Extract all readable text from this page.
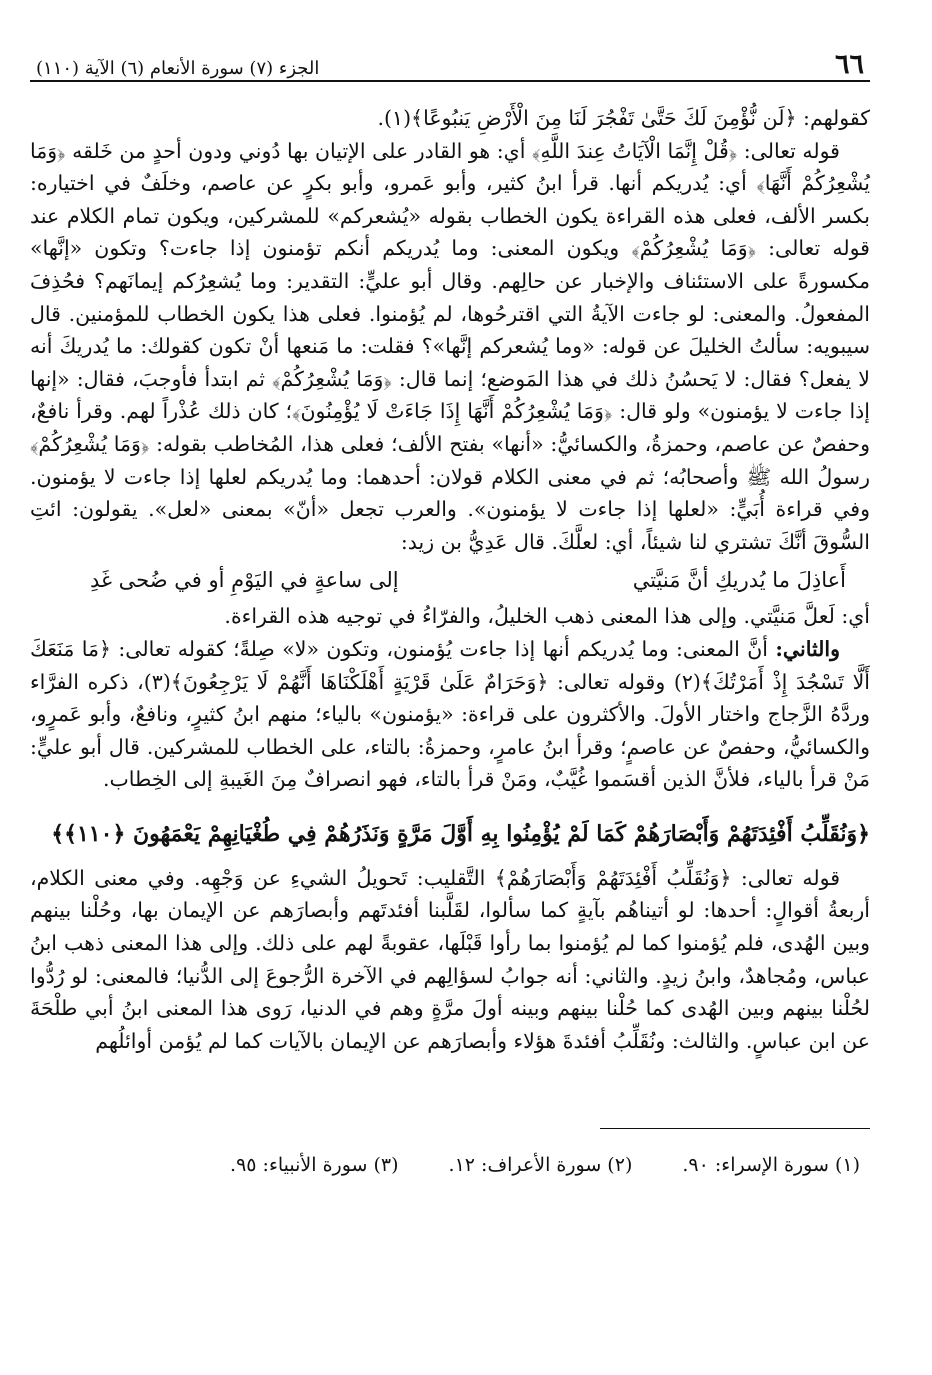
٦٦
الجزء (٧) سورة الأنعام (٦) الآية (١١٠)

كقولهم: ﴿لَن نُّؤْمِنَ لَكَ حَتَّىٰ تَفْجُرَ لَنَا مِنَ الْأَرْضِ يَنبُوعًا﴾(١).

قوله تعالى: ﴿قُلْ إِنَّمَا الْآيَاتُ عِندَ اللَّهِ﴾ أي: هو القادر على الإتيان بها دُوني ودون أحدٍ من خَلقه ﴿وَمَا يُشْعِرُكُمْ أَنَّهَا﴾ أي: يُدريكم أنها. قرأ ابنُ كثير، وأبو عَمرو، وأبو بكرٍ عن عاصم، وخلَفٌ في اختياره: بكسر الألف، فعلى هذه القراءة يكون الخطاب بقوله «يُشعركم» للمشركين، ويكون تمام الكلام عند قوله تعالى: ﴿وَمَا يُشْعِرُكُمْ﴾ ويكون المعنى: وما يُدريكم أنكم تؤمنون إذا جاءت؟ وتكون «إنَّها» مكسورةً على الاستئناف والإخبار عن حالِهم. وقال أبو عليٍّ: التقدير: وما يُشعِرُكم إيمانَهم؟ فحُذِفَ المفعولُ. والمعنى: لو جاءت الآيةُ التي اقترحُوها، لم يُؤمنوا. فعلى هذا يكون الخطاب للمؤمنين. قال سيبويه: سألتُ الخليلَ عن قوله: «وما يُشعركم إنَّها»؟ فقلت: ما مَنعها أنْ تكون كقولك: ما يُدريكَ أنه لا يفعل؟ فقال: لا يَحسُنُ ذلك في هذا المَوضع؛ إنما قال: ﴿وَمَا يُشْعِرُكُمْ﴾ ثم ابتدأ فأوجبَ، فقال: «إنها إذا جاءت لا يؤمنون» ولو قال: ﴿وَمَا يُشْعِرُكُمْ أَنَّهَا إِذَا جَاءَتْ لَا يُؤْمِنُونَ﴾؛ كان ذلك عُذْراً لهم. وقرأ نافعٌ، وحفصٌ عن عاصم، وحمزةُ، والكسائيُّ: «أنها» بفتح الألف؛ فعلى هذا، المُخاطب بقوله: ﴿وَمَا يُشْعِرُكُمْ﴾ رسولُ الله ﷺ وأصحابُه؛ ثم في معنى الكلام قولان: أحدهما: وما يُدريكم لعلها إذا جاءت لا يؤمنون. وفي قراءة أُبَيٍّ: «لعلها إذا جاءت لا يؤمنون». والعرب تجعل «أنّ» بمعنى «لعل». يقولون: ائتِ السُّوقَ أنَّكَ تشتري لنا شيئاً، أي: لعلَّكَ. قال عَدِيُّ بن زيد:

أَعاذِلَ ما يُدريكِ أنَّ مَنيَّتي
إلى ساعةٍ في اليَوْمِ أو في ضُحى غَدِ

أي: لَعلَّ مَنيَّتي. وإلى هذا المعنى ذهب الخليلُ، والفرّاءُ في توجيه هذه القراءة.

والثاني: أنَّ المعنى: وما يُدريكم أنها إذا جاءت يُؤمنون، وتكون «لا» صِلةً؛ كقوله تعالى: ﴿مَا مَنَعَكَ أَلَّا تَسْجُدَ إِذْ أَمَرْتُكَ﴾(٢) وقوله تعالى: ﴿وَحَرَامٌ عَلَىٰ قَرْيَةٍ أَهْلَكْنَاهَا أَنَّهُمْ لَا يَرْجِعُونَ﴾(٣)، ذكره الفرَّاء وردَّهُ الزَّجاج واختار الأولَ. والأكثرون على قراءة: «يؤمنون» بالياء؛ منهم ابنُ كثيرٍ، ونافعٌ، وأبو عَمرٍو، والكسائيُّ، وحفصٌ عن عاصمٍ؛ وقرأ ابنُ عامرٍ، وحمزةُ: بالتاء، على الخطاب للمشركين. قال أبو عليٍّ: مَنْ قرأ بالياء، فلأنَّ الذين أقسَموا غُيَّبٌ، ومَنْ قرأ بالتاء، فهو انصرافٌ مِنَ الغَيبةِ إلى الخِطاب.

﴿وَنُقَلِّبُ أَفْئِدَتَهُمْ وَأَبْصَارَهُمْ كَمَا لَمْ يُؤْمِنُوا بِهِ أَوَّلَ مَرَّةٍ وَنَذَرُهُمْ فِي طُغْيَانِهِمْ يَعْمَهُونَ ﴿١١٠﴾﴾

قوله تعالى: ﴿وَنُقَلِّبُ أَفْئِدَتَهُمْ وَأَبْصَارَهُمْ﴾ التَّقليب: تَحويلُ الشيءِ عن وَجْهِه. وفي معنى الكلام، أربعةُ أقوالٍ: أحدها: لو أتيناهُم بآيةٍ كما سألوا، لقَلَّبنا أفئدتَهم وأبصارَهم عن الإيمان بها، وحُلْنا بينهم وبين الهُدى، فلم يُؤمنوا كما لم يُؤمنوا بما رأوا قَبْلَها، عقوبةً لهم على ذلك. وإلى هذا المعنى ذهب ابنُ عباس، ومُجاهدٌ، وابنُ زيدٍ. والثاني: أنه جوابُ لسؤالِهم في الآخرة الرُّجوعَ إلى الدُّنيا؛ فالمعنى: لو رُدُّوا لحُلْنا بينهم وبين الهُدى كما حُلْنا بينهم وبينه أولَ مرَّةٍ وهم في الدنيا، رَوى هذا المعنى ابنُ أبي طلْحَةَ عن ابن عباسٍ. والثالث: ونُقَلِّبُ أفئدةَ هؤلاء وأبصارَهم عن الإيمان بالآيات كما لم يُؤمن أوائلُهم

(١) سورة الإسراء: ٩٠.
(٢) سورة الأعراف: ١٢.
(٣) سورة الأنبياء: ٩٥.
